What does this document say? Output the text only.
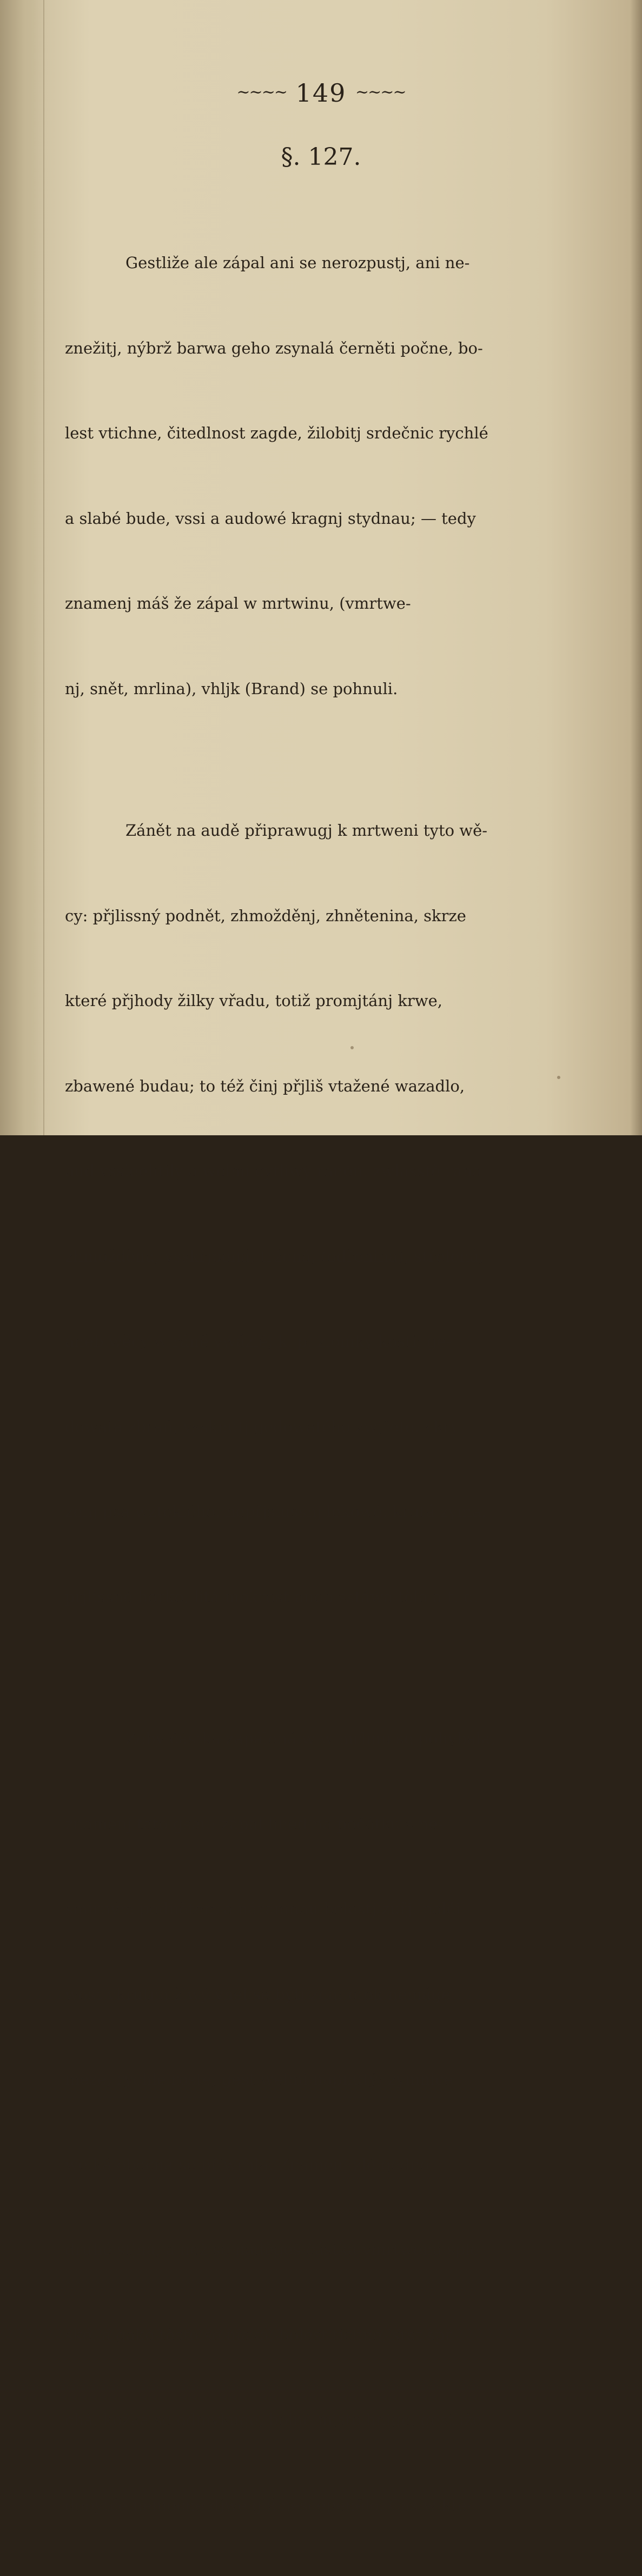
~~~~ 149 ~~~~
§. 127.

Gestliže ale zápal ani se nerozpustj, ani ne-

znežitj, nýbrž barwa geho zsynalá černěti počne, bo-

lest vtichne, čitedlnost zagde, žilobitj srdečnic rychlé

a slabé bude, vssi a audowé kragnj stydnau; — tedy

znamenj máš že zápal w mrtwinu, (vmrtwe-

nj, snět, mrlina), vhljk (Brand) se pohnuli.

Zánět na audě připrawugj k mrtweni tyto wě-

cy: přjlissný podnět, zhmožděnj, zhnětenina, skrze

které přjhody žilky vřadu, totiž promjtánj krwe,

zbawené budau; to též činj přjliš vtažené wazadlo,

aud vssleehtilý a welmi cytliwý raněn, zwlásstě rána

zhmožděná, vsskřjpená, tržená, (odřenina), střelená,

aneb wěcy w ráně vwázlé, k. p. zlomky kosti; ge-

dowatá zbraň, vssknutj gedowatého zwjřete, vkry-

zenj psa wzteklého, nepřjslussnj lékowé, krutá zyma,

přjlissné horko, litá mokrost aneb sstáwa těla a t. d.

Zeby částka zapálená w w mrlinu se pohybala,

znamenj tato gsau: zápal hned na počátku s ne-

smirným podnětem a náramnau bolestj zůřj. palči-

wost vkrutná žiwý vhel se býti zdá; otok nemáge

meze, rychle roste, gest welmi napnutý; zymnice

welká obecná se přiwrhla. Znamenj zlé gedno

druhé stjhá, a než se naděgeš částka vmrtwená sple-

ské, a gako těsto se maká, bolest tichne, srst spr-

chá, kožka se odmykuge, bolné mjsto hnige, gestliže

dobytče nemocné djwe giž nescepenělo. Čas w kte-
